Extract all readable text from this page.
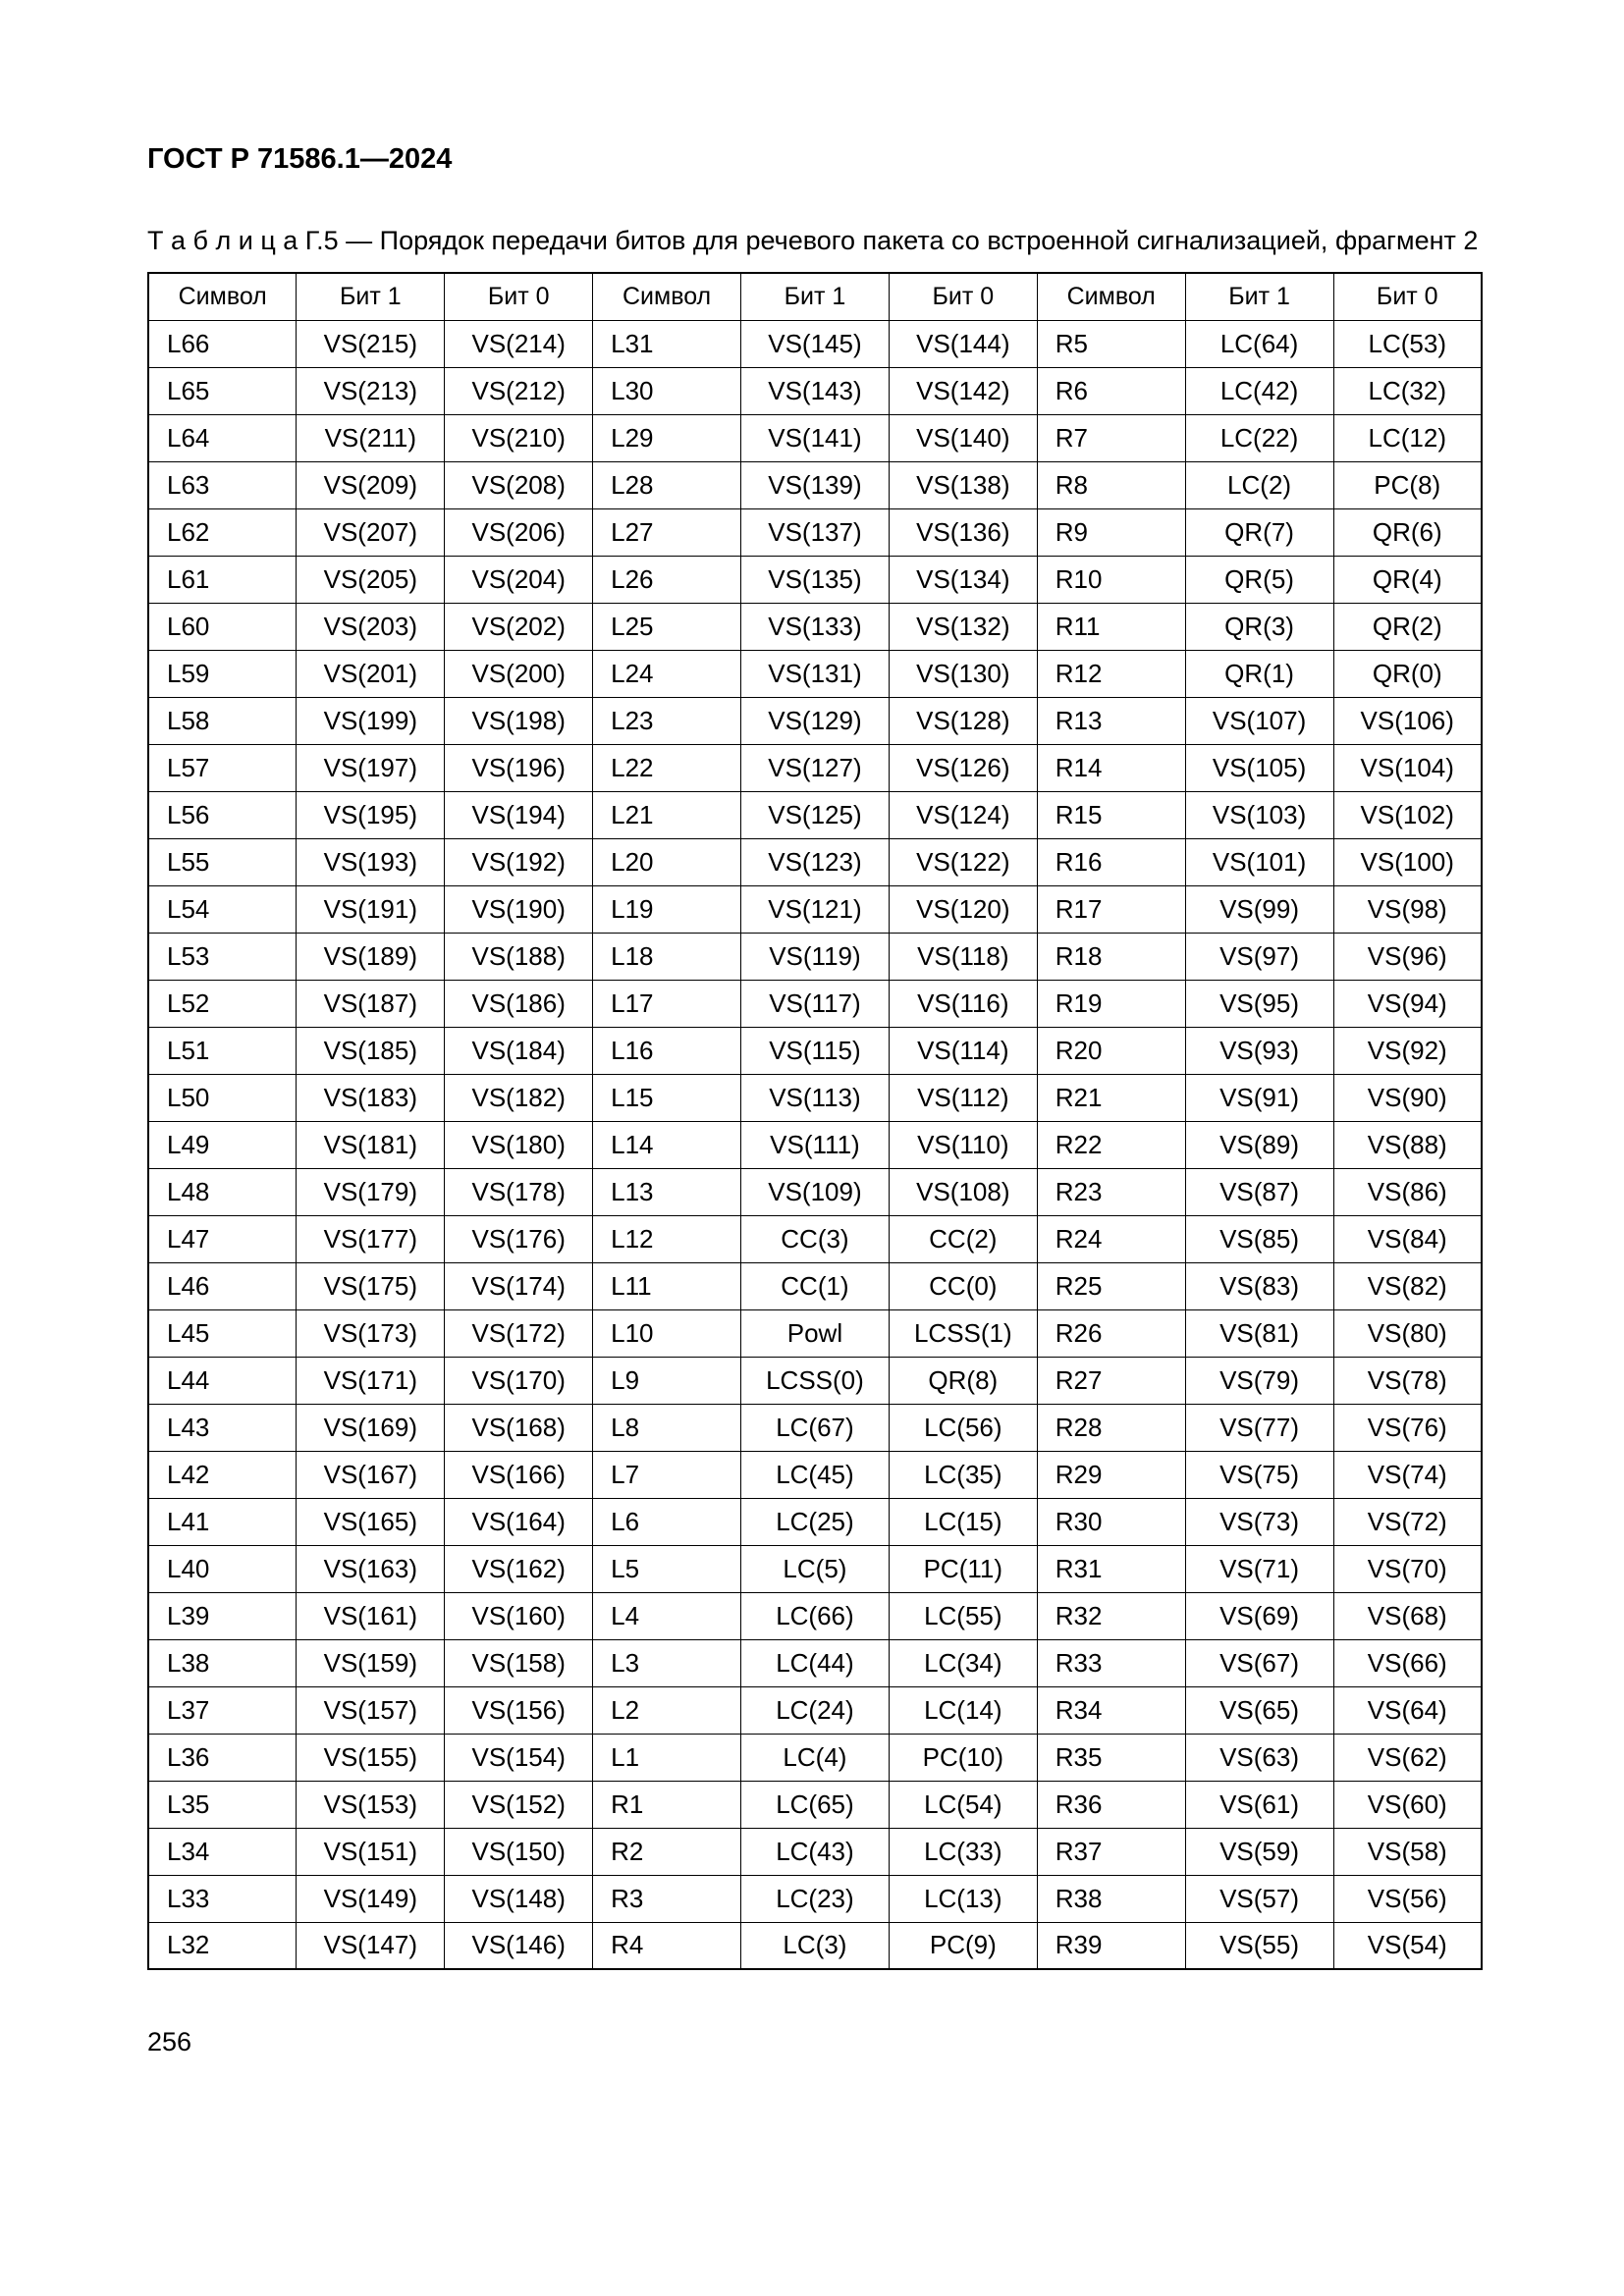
ГОСТ Р 71586.1—2024
Т а б л и ц а Г.5 — Порядок передачи битов для речевого пакета со встроенной сигнализацией, фрагмент 2
Символ	Бит 1	Бит 0	Символ	Бит 1	Бит 0	Символ	Бит 1	Бит 0
L66	VS(215)	VS(214)	L31	VS(145)	VS(144)	R5	LC(64)	LC(53)
L65	VS(213)	VS(212)	L30	VS(143)	VS(142)	R6	LC(42)	LC(32)
L64	VS(211)	VS(210)	L29	VS(141)	VS(140)	R7	LC(22)	LC(12)
L63	VS(209)	VS(208)	L28	VS(139)	VS(138)	R8	LC(2)	PC(8)
L62	VS(207)	VS(206)	L27	VS(137)	VS(136)	R9	QR(7)	QR(6)
L61	VS(205)	VS(204)	L26	VS(135)	VS(134)	R10	QR(5)	QR(4)
L60	VS(203)	VS(202)	L25	VS(133)	VS(132)	R11	QR(3)	QR(2)
L59	VS(201)	VS(200)	L24	VS(131)	VS(130)	R12	QR(1)	QR(0)
L58	VS(199)	VS(198)	L23	VS(129)	VS(128)	R13	VS(107)	VS(106)
L57	VS(197)	VS(196)	L22	VS(127)	VS(126)	R14	VS(105)	VS(104)
L56	VS(195)	VS(194)	L21	VS(125)	VS(124)	R15	VS(103)	VS(102)
L55	VS(193)	VS(192)	L20	VS(123)	VS(122)	R16	VS(101)	VS(100)
L54	VS(191)	VS(190)	L19	VS(121)	VS(120)	R17	VS(99)	VS(98)
L53	VS(189)	VS(188)	L18	VS(119)	VS(118)	R18	VS(97)	VS(96)
L52	VS(187)	VS(186)	L17	VS(117)	VS(116)	R19	VS(95)	VS(94)
L51	VS(185)	VS(184)	L16	VS(115)	VS(114)	R20	VS(93)	VS(92)
L50	VS(183)	VS(182)	L15	VS(113)	VS(112)	R21	VS(91)	VS(90)
L49	VS(181)	VS(180)	L14	VS(111)	VS(110)	R22	VS(89)	VS(88)
L48	VS(179)	VS(178)	L13	VS(109)	VS(108)	R23	VS(87)	VS(86)
L47	VS(177)	VS(176)	L12	CC(3)	CC(2)	R24	VS(85)	VS(84)
L46	VS(175)	VS(174)	L11	CC(1)	CC(0)	R25	VS(83)	VS(82)
L45	VS(173)	VS(172)	L10	Powl	LCSS(1)	R26	VS(81)	VS(80)
L44	VS(171)	VS(170)	L9	LCSS(0)	QR(8)	R27	VS(79)	VS(78)
L43	VS(169)	VS(168)	L8	LC(67)	LC(56)	R28	VS(77)	VS(76)
L42	VS(167)	VS(166)	L7	LC(45)	LC(35)	R29	VS(75)	VS(74)
L41	VS(165)	VS(164)	L6	LC(25)	LC(15)	R30	VS(73)	VS(72)
L40	VS(163)	VS(162)	L5	LC(5)	PC(11)	R31	VS(71)	VS(70)
L39	VS(161)	VS(160)	L4	LC(66)	LC(55)	R32	VS(69)	VS(68)
L38	VS(159)	VS(158)	L3	LC(44)	LC(34)	R33	VS(67)	VS(66)
L37	VS(157)	VS(156)	L2	LC(24)	LC(14)	R34	VS(65)	VS(64)
L36	VS(155)	VS(154)	L1	LC(4)	PC(10)	R35	VS(63)	VS(62)
L35	VS(153)	VS(152)	R1	LC(65)	LC(54)	R36	VS(61)	VS(60)
L34	VS(151)	VS(150)	R2	LC(43)	LC(33)	R37	VS(59)	VS(58)
L33	VS(149)	VS(148)	R3	LC(23)	LC(13)	R38	VS(57)	VS(56)
L32	VS(147)	VS(146)	R4	LC(3)	PC(9)	R39	VS(55)	VS(54)
256
